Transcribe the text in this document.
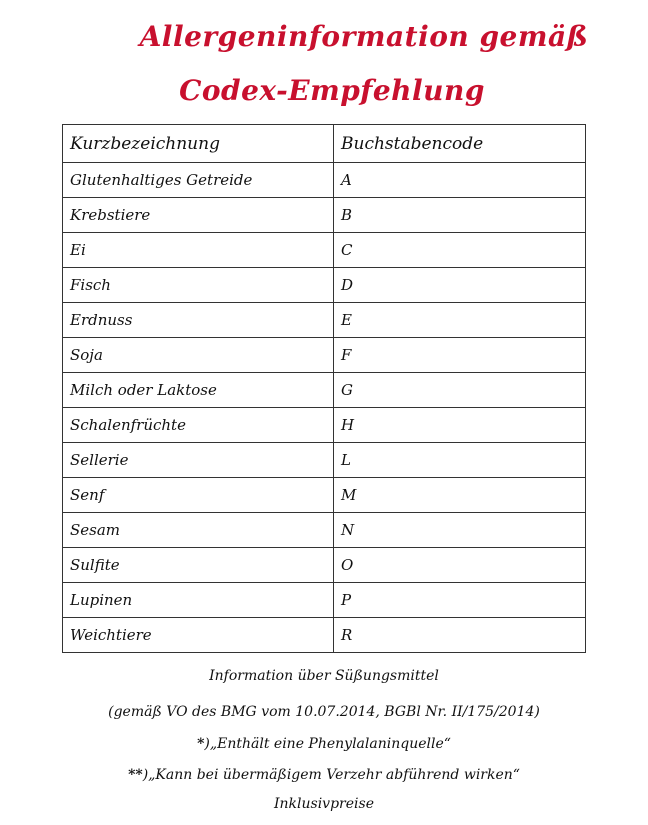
Allergeninformation gemäß
Codex-Empfehlung
Kurzbezeichnung	Buchstabencode
Glutenhaltiges Getreide	A
Krebstiere	B
Ei	C
Fisch	D
Erdnuss	E
Soja	F
Milch oder Laktose	G
Schalenfrüchte	H
Sellerie	L
Senf	M
Sesam	N
Sulfite	O
Lupinen	P
Weichtiere	R

Information über Süßungsmittel

(gemäß VO des BMG vom 10.07.2014, BGBl Nr. II/175/2014)

*)„Enthält eine Phenylalaninquelle“

**)„Kann bei übermäßigem Verzehr abführend wirken“

Inklusivpreise
